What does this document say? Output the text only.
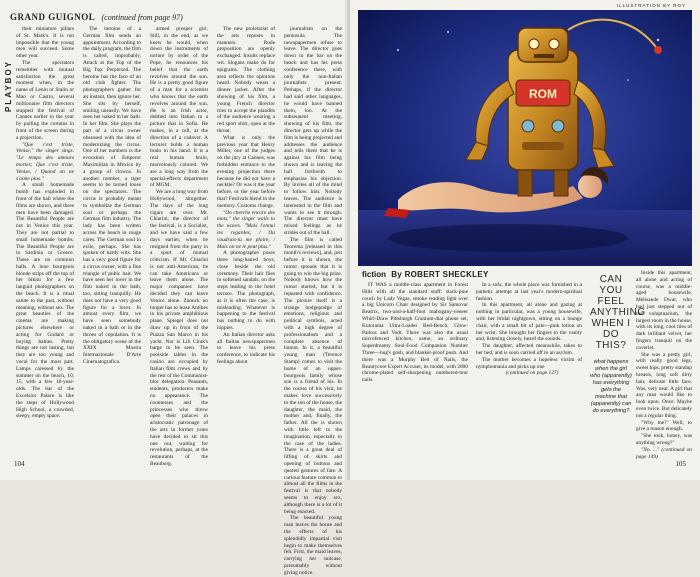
GRAND GUIGNOL (continued from page 97)
PLAYBOY

their miniature pillars of St. Mark's. It is not impossible that the young men will succeed. Some other year.

The spectators remember with mutual satisfaction the great moment when, in the name of Lenin or Stalin or Mao or Castro, several millionaire film directors stopped the festival of Cannes earlier in the year by pulling the curtains in front of the screen during a projection.

"Que c'est triste, Venise," the singer sings. "Le temps des amours mortes; Que c'est triste, Venise, / Quand on ne s'aime plus."

A small homemade bomb has exploded in front of the hall where the films are shown, and three men have been damaged. The Beautiful People are not in Venice this year. They are not partial to small homemade bombs. The Beautiful People are in Sardinia or Greece. These are no common halls. A lone bourgeois blonde strips off the top of her bikini for a few languid photographers on the beach. It is a ritual salute to the past, without meaning, without sex. The great beauties of the cinema are making pictures elsewhere or acting for Godard or buying babies. Pretty things are not lasting, but they are too young and vocal for the most part. Lamps caressed by the summer on the beach, 10, 15, with a few 18-year-olds. The bar of the Excelsior Palace is like the steps of Hollywood High School, a crowded, sleepy, empty space.

The heroine of a German film sends an appointment. According to the daily program, the film is called, improbably, Attack at the Top of the Big Top: Perplexed. The heroine has the face of an old club fighter. The photographers gather for an instant, then ignore her. She sits by herself, smiling uneasily. We have seen her naked in her bath. In her film. She plays the part of a circus owner obsessed with the idea of modernizing the circus. One of her numbers is the evocation of Emperor Maximilian in Mexico by a group of clowns. In another number, a tiger seems to be turned loose on the spectators. The circus is probably meant to symbolize the German soul or perhaps the German film industry. The lady has been written across the beach in rouge cares. The German soul in exile, perhaps. She has spoken of hardy wits. She has a very good figure for a circus owner, with a fine triangle of pubic hair. We have seen her lover in the film naked in the bath, too, sitting tranquilly. He does not have a very good figure for a lover. In almost every film, we have seen somebody naked in a bath or in the throes of copulation. It is the obligatory scene of the XXIX Mostra Internazionale D'Arte Cinematografica.

armed prosper girl. Still, in the end, as we knew he would, when down the instruments of torture by order of the Pope, he renounces his belief that the earth revolves around the sun. He is a pretty good figure of a man for a scientist who knows that the earth revolves around the sun. He is an Irish actor, dubbed into Italian in a picture that in Sofia. He makes, in a cell, at the direction of a cadaver. A lecturer holds a human brain in his hand. It is a real human brain, marvelously colored. We are a long way from the special-effects department of MGM.

We are a long way from Hollywood, altogether. The days of the long cigars are over. Mr. Chiarini, the director of the festival, is a Socialist, and we have said a few days earlier, when he resigned from the party in a spurt of mutual criticism. If Mr. Chiarini is not anti-American, he can take Americans or leave them alone. The major companies have decided they can leave Venice alone. Zanuck no longer has to lease Antibes in his private amphibious plane. Spiegel does not draw up in front of the Piazza San Marco in his yacht. Nor is Lili Cirak's barge to be seen. The poolside tables in the casino are occupied by Italian film crews and by the rest of the Communist-bloc delegation. Peasants, students, producers make no appearance. The countesses and the princesses who throw open their palaces in aristocratic patronage of the arts in former years have decided to sit this one out, waiting for revolution, perhaps, at the restaurants of the Beauborg.

The new proletariat of the arts reposes in manners. Rude proposition are openly exchanged. Insults replace wit. Slogans make do for epigrams. The clothing area reflects the opinions heard. Nobody wears a dinner jacket. After the showing of his film, a young French director tries to accept the plaudits of the audience wearing a red sport shirt, open at the throat.

What is only the previous year that Henry Miller, one of the judges on the jury at Cannes, was forbidden entrance to the evening projection there because he did not have a necktie? Or was it the year before, or the year before that? Festivals blend in the memory. Customs change.

"On cherche encore des mots," the singer wails to the waves. "Mais l'ennui les regardes, / Ou voudrais-tu me plaire, / Mais on ne le peut plus."

A photographer poses three long-haired boys, close beside the old ceremony. Their hair flies in softened sandals, on the steps leading to the hotel terrace. The photograph, as it is often the case, is misleading. Whatever is happening to the festival has nothing to do with hippies.

An Italian director asks all Italian newspapermen to leave his press conference, to indicate his feelings about

journalism on the peninsula. The newspapermen refuse to leave. The director goes down to the bar on the beach and has his press conference there, with only the non-Italian journalists present. Perhaps, if the director had said other languages, he would have banned them, too. At the subsequent meeting, showing of his film, the director gets up while the film is being projected and addresses the audience and tells them that he is against his film being shown and is leaving the hall forthwith to emphasize his objection. By invites all of the mind to follow him. Nobody leaves. The audience is interested in the film and wants to see it through. The director must have mixed feelings as he strides out of the hall.

The film is called Teorema [released in this month's reviews], and, just before it is shown, the rumor spreads that it is going to win the big prize. Nobody knows how the rumor started, but it is repeated with confidence. The picture itself is a strange hodgepodge of emotions, religious and political symbols, acted with a high degree of professionalism and a complete absence of humor. In it, a beautiful young man (Terence Stamp) comes to visit the home of an upper-bourgeois family whose son is a friend of his. In the course of his visit, he makes love successively to the son of the house, the daughter, the maid, the mother and, finally, the father. All the is shown with little left to the imagination, especially in the case of the ladies. There is a great deal of lifting of skirts and opening of buttons and quoted gestures of fate. A curious feature common to almost all the films in the festival is that nobody seems to enjoy sex, although there is a lot of it being enacted.

The beautiful young man leaves the house and the effects of his splendidly impartial visit begin to make themselves felt. First, the maid leaves, carrying her suitcase, presumably without giving notice.

104
ILLUSTRATION BY ROY
105
ROM
fiction By ROBERT SHECKLEY

IT WAS a middle-class apartment in Forest Hills with all the standard stuff: slack-pine couch by Lady Vegas, smoke reading light over a big Unicorn Chair designed by Sir Samovar Beatrix, two-and-a-half-foot mahogany-veneer Whirl-Draw Pittsburgh Cranium-dial phone set, Kotorama Ultra-Loader Bed-Bench, Glow-Parkus and Vodt. There was also the usual microfenced kitchen, same, an ordinary Superdreamy Soul-Food Companion Number Three—hug's gosh, and blanket-proof push. And there was a Murphy Bed of Nails, the Beautycore Expert Accuser, its model, with 2000 chrome-plated self-sharpening numbered-tour nails.

In a sofa, the whole place was furnished in a pathetic attempt at last year's modern-spiritual fashion.

In this apartment, all alone and gazing at nothing in particular, was a young housewife, with her bridal nightgown, sitting on a lounge chair, with a small bit of pale—pink lotion on her wrist. She brought her fingers to the vanity and, listening closely, heard the sounds.

The daughter, affected meanwhile, takes to her bed, and is soon carried off to an asylum.

The mother becomes a hopeless victim of nymphomania and picks up one

(continued on page 127)

CAN YOU FEEL ANYTHING WHEN I DO THIS?
what happens when the girl who (apparently) has everything gets the machine that (apparently) can do everything?

Inside this apartment, all alone and acting of course, was a middle-aged housewife, Melisande Dwar, who had just stepped out of the voluptuarium, the largest room in the house, with its long, cool tiles of dark brilliant velvet, her fingers tranquil on the coverlet.

She was a pretty girl, with really good legs, sweet hips, pretty standup breasts, long soft dirty hair, delicate little face. Was, very near. A girl that any man would like to look upon. Once. Maybe even twice. But delicately not a regular thing.

"Why me?" Well, to give a reason enough.

"She took, honey, was anything wrong?"

"No. ..." (continued on page 149)
